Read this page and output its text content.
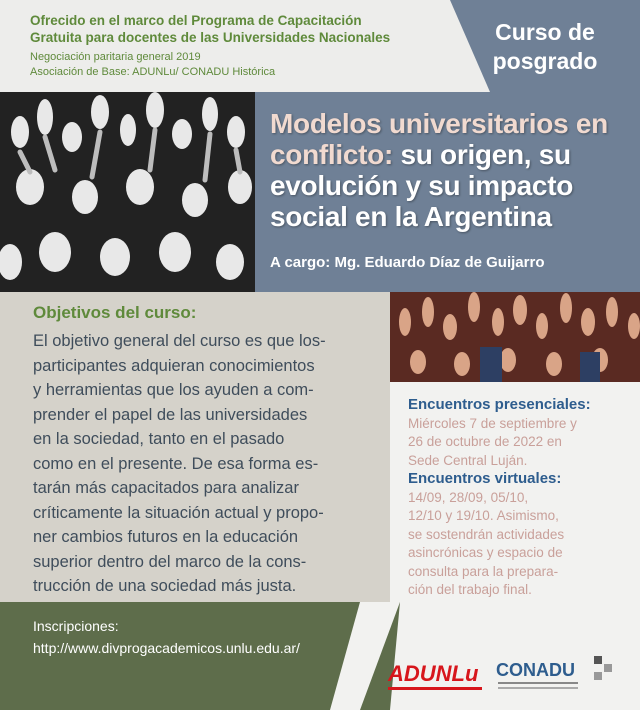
Curso de
posgrado
Ofrecido en el marco del Programa de Capacitación
Gratuita para docentes de las Universidades Nacionales
Negociación paritaria general 2019
Asociación de Base: ADUNLu/ CONADU Histórica
Modelos universitarios en conflicto: su origen, su evolución y su impacto social en la Argentina
A cargo: Mg. Eduardo Díaz de Guijarro
Objetivos del curso:
El objetivo general del curso es que los-
participantes adquieran conocimientos
y herramientas que los ayuden a com-
prender el papel de las universidades
en la sociedad, tanto en el pasado
como en el presente. De esa forma es-
tarán más capacitados para analizar
críticamente la situación actual y propo-
ner cambios futuros en la educación
superior dentro del marco de la cons-
trucción de una sociedad más justa.
Encuentros presenciales:
Miércoles 7 de septiembre y
26 de octubre de 2022 en
Sede Central Luján.
Encuentros virtuales:
14/09, 28/09, 05/10,
12/10 y 19/10. Asimismo,
se sostendrán actividades
asincrónicas y espacio de
consulta para la prepara-
ción del trabajo final.
Inscripciones:
http://www.divprogacademicos.unlu.edu.ar/
ADUNLu CONADU
